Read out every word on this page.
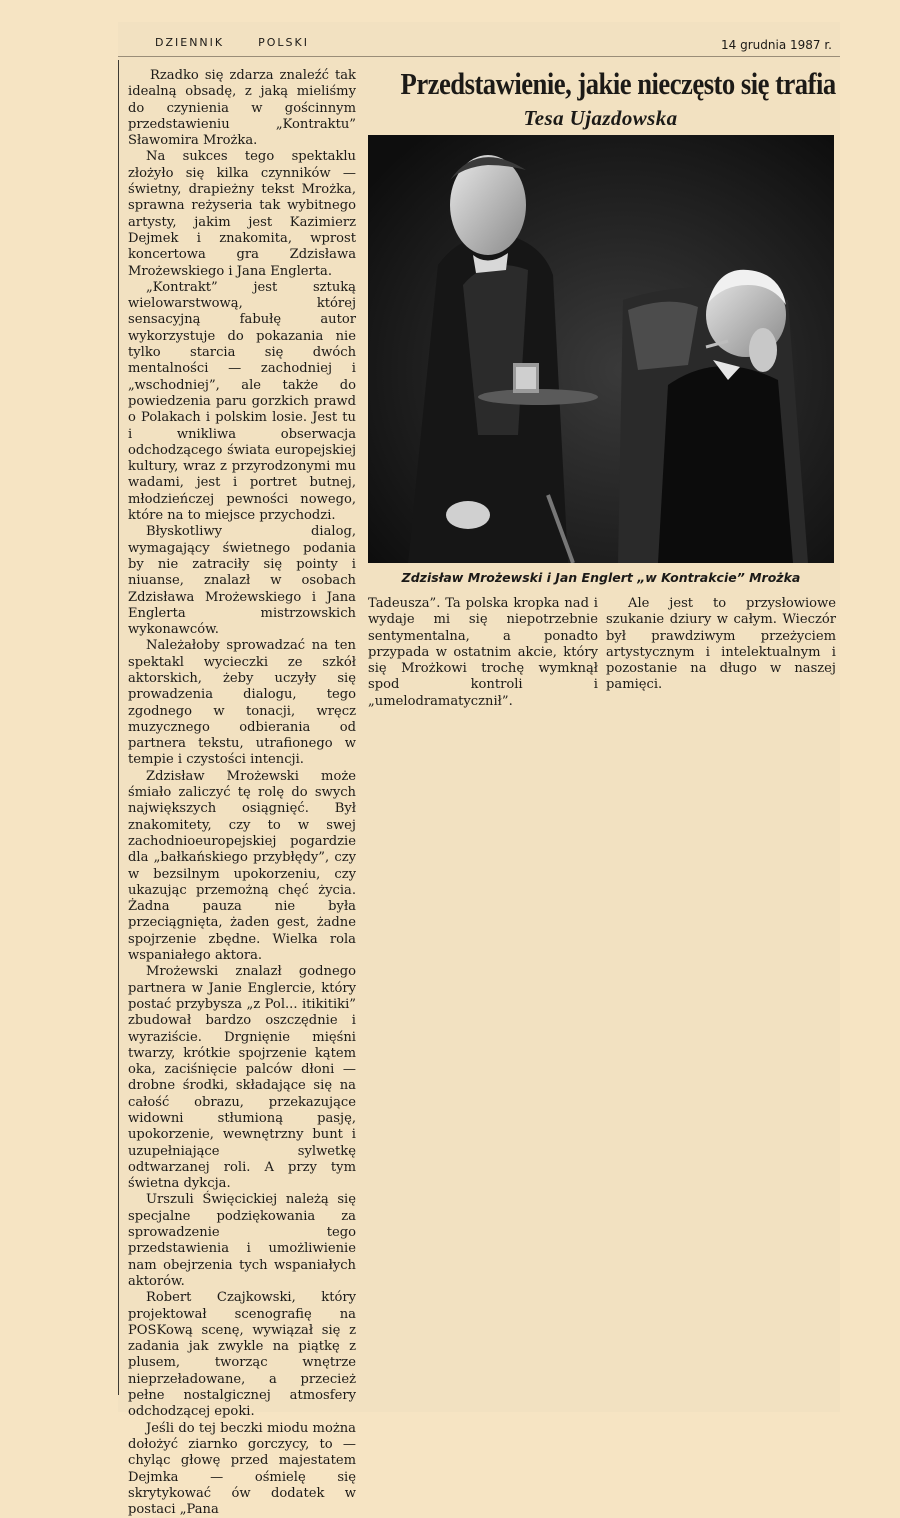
DZIENNIK	POLSKI	14 grudnia 1987 r.

Rzadko się zdarza znaleźć tak idealną obsadę, z jaką mieliśmy do czynienia w gościnnym przedstawieniu „Kontraktu” Sławomira Mrożka.

Na sukces tego spektaklu złożyło się kilka czynników — świetny, drapieżny tekst Mrożka, sprawna reżyseria tak wybitnego artysty, jakim jest Kazimierz Dejmek i znakomita, wprost koncertowa gra Zdzisława Mrożewskiego i Jana Englerta.

„Kontrakt” jest sztuką wielowarstwową, której sensacyjną fabułę autor wykorzystuje do pokazania nie tylko starcia się dwóch mentalności — zachodniej i „wschodniej”, ale także do powiedzenia paru gorzkich prawd o Polakach i polskim losie. Jest tu i wnikliwa obserwacja odchodzącego świata europejskiej kultury, wraz z przyrodzonymi mu wadami, jest i portret butnej, młodzieńczej pewności nowego, które na to miejsce przychodzi.

Błyskotliwy dialog, wymagający świetnego podania by nie zatraciły się pointy i niuanse, znalazł w osobach Zdzisława Mrożewskiego i Jana Englerta mistrzowskich wykonawców.

Należałoby sprowadzać na ten spektakl wycieczki ze szkół aktorskich, żeby uczyły się prowadzenia dialogu, tego zgodnego w tonacji, wręcz muzycznego odbierania od partnera tekstu, utrafionego w tempie i czystości intencji.

Zdzisław Mrożewski może śmiało zaliczyć tę rolę do swych największych osiągnięć. Był znakomitety, czy to w swej zachodnioeuropejskiej pogardzie dla „bałkańskiego przybłędy”, czy w bezsilnym upokorzeniu, czy ukazując przemożną chęć życia. Żadna pauza nie była przeciągnięta, żaden gest, żadne spojrzenie zbędne. Wielka rola wspaniałego aktora.

Mrożewski znalazł godnego partnera w Janie Englercie, który postać przybysza „z Pol... itikitiki” zbudował bardzo oszczędnie i wyraziście. Drgnięnie mięśni twarzy, krótkie spojrzenie kątem oka, zaciśnięcie palców dłoni — drobne środki, składające się na całość obrazu, przekazujące widowni stłumioną pasję, upokorzenie, wewnętrzny bunt i uzupełniające sylwetkę odtwarzanej roli. A przy tym świetna dykcja.

Urszuli Święcickiej należą się specjalne podziękowania za sprowadzenie tego przedstawienia i umożliwienie nam obejrzenia tych wspaniałych aktorów.

Robert Czajkowski, który projektował scenografię na POSKową scenę, wywiązał się z zadania jak zwykle na piątkę z plusem, tworząc wnętrze nieprzeładowane, a przecież pełne nostalgicznej atmosfery odchodzącej epoki.

Jeśli do tej beczki miodu można dołożyć ziarnko gorczycy, to — chyląc głowę przed majestatem Dejmka — ośmielę się skrytykować ów dodatek w postaci „Pana

Przedstawienie, jakie nieczęsto się trafia
Tesa Ujazdowska
Zdzisław Mrożewski i Jan Englert „w Kontrakcie” Mrożka

Tadeusza”. Ta polska kropka nad i wydaje mi się niepotrzebnie sentymentalna, a ponadto przypada w ostatnim akcie, który się Mrożkowi trochę wymknął spod kontroli i „umelodramatycznił”.

Ale jest to przysłowiowe szukanie dziury w całym. Wieczór był prawdziwym przeżyciem artystycznym i intelektualnym i pozostanie na długo w naszej pamięci.
